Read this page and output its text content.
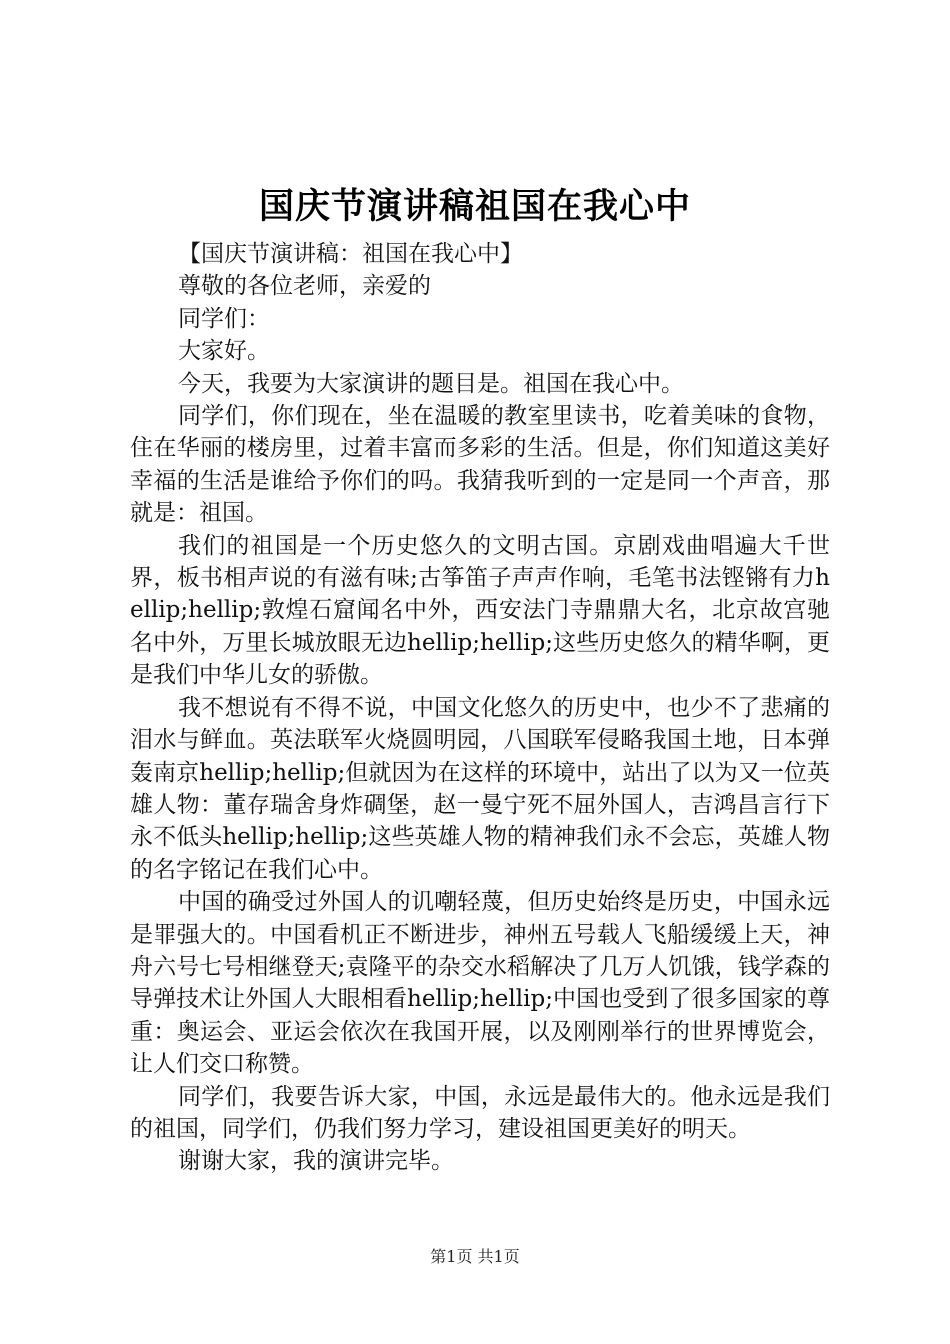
国庆节演讲稿祖国在我心中

【国庆节演讲稿：祖国在我心中】

尊敬的各位老师，亲爱的

同学们：

大家好。

今天，我要为大家演讲的题目是。祖国在我心中。

同学们，你们现在，坐在温暖的教室里读书，吃着美味的食物，住在华丽的楼房里，过着丰富而多彩的生活。但是，你们知道这美好幸福的生活是谁给予你们的吗。我猜我听到的一定是同一个声音，那就是：祖国。

我们的祖国是一个历史悠久的文明古国。京剧戏曲唱遍大千世界，板书相声说的有滋有味;古筝笛子声声作响，毛笔书法铿锵有力hellip;hellip;敦煌石窟闻名中外，西安法门寺鼎鼎大名，北京故宫驰名中外，万里长城放眼无边hellip;hellip;这些历史悠久的精华啊，更是我们中华儿女的骄傲。

我不想说有不得不说，中国文化悠久的历史中，也少不了悲痛的泪水与鲜血。英法联军火烧圆明园，八国联军侵略我国土地，日本弹轰南京hellip;hellip;但就因为在这样的环境中，站出了以为又一位英雄人物：董存瑞舍身炸碉堡，赵一曼宁死不屈外国人，吉鸿昌言行下永不低头hellip;hellip;这些英雄人物的精神我们永不会忘，英雄人物的名字铭记在我们心中。

中国的确受过外国人的讥嘲轻蔑，但历史始终是历史，中国永远是罪强大的。中国看机正不断进步，神州五号载人飞船缓缓上天，神舟六号七号相继登天;袁隆平的杂交水稻解决了几万人饥饿，钱学森的导弹技术让外国人大眼相看hellip;hellip;中国也受到了很多国家的尊重：奥运会、亚运会依次在我国开展，以及刚刚举行的世界博览会，让人们交口称赞。

同学们，我要告诉大家，中国，永远是最伟大的。他永远是我们的祖国，同学们，仍我们努力学习，建设祖国更美好的明天。

谢谢大家，我的演讲完毕。

第1页 共1页
